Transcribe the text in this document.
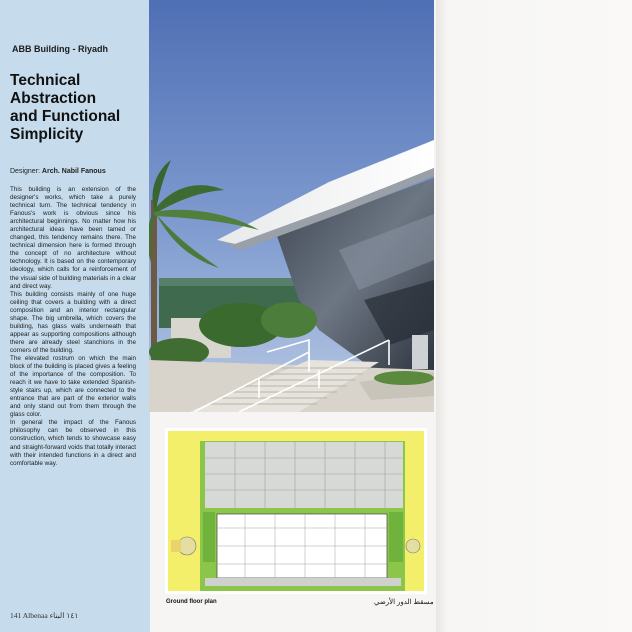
ABB Building - Riyadh
Technical
Abstraction
and Functional
Simplicity
Designer: Arch. Nabil Fanous

This building is an extension of the designer's works, which take a purely technical turn. The technical tendency in Fanous's work is obvious since his architectural beginnings. No matter how his architectural ideas have been tamed or changed, this tendency remains there. The technical dimension here is formed through the concept of no architecture without technology. It is based on the contemporary ideology, which calls for a reinforcement of the visual side of building materials in a clear and direct way.

This building consists mainly of one huge ceiling that covers a building with a direct composition and an interior rectangular shape. The big umbrella, which covers the building, has glass walls underneath that appear as supporting compositions although there are already steel stanchions in the corners of the building.

The elevated rostrum on which the main block of the building is placed gives a feeling of the importance of the composition. To reach it we have to take extended Spanish-style stairs up, which are connected to the entrance that are part of the exterior walls and only stand out from them through the glass color.

In general the impact of the Fanous philosophy can be observed in this construction, which tends to showcase easy and straight-forward voids that totally interact with their intended functions in a direct and comfortable way.

141 Albenaa ١٤١البناء
Ground floor plan	مسقط الدور الأرضي
